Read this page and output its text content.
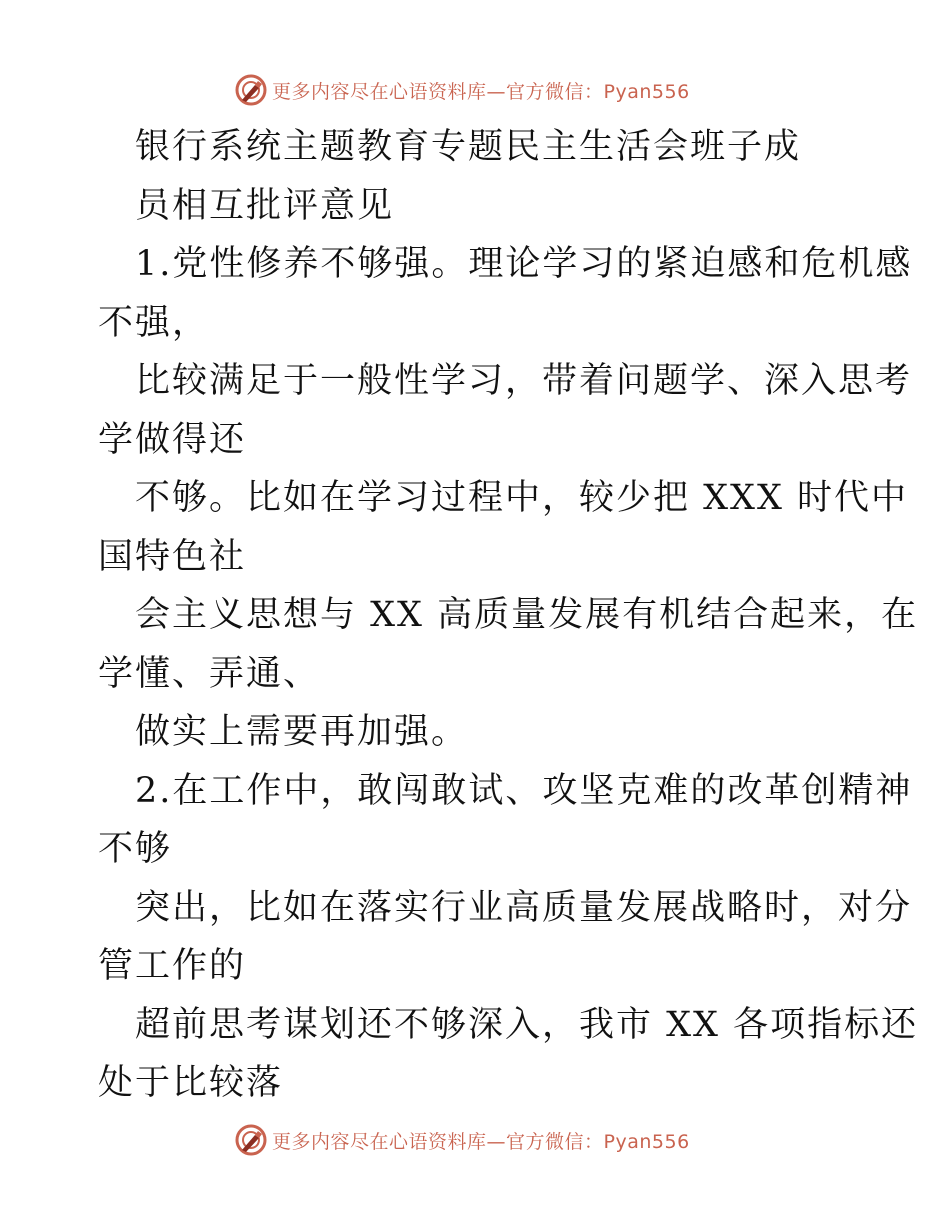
更多内容尽在心语资料库—官方微信：Pyan556
银行系统主题教育专题民主生活会班子成
员相互批评意见
1.党性修养不够强。理论学习的紧迫感和危机感
不强，
比较满足于一般性学习，带着问题学、深入思考
学做得还
不够。比如在学习过程中，较少把 XXX 时代中
国特色社
会主义思想与 XX 高质量发展有机结合起来，在
学懂、弄通、
做实上需要再加强。
2.在工作中，敢闯敢试、攻坚克难的改革创精神
不够
突出，比如在落实行业高质量发展战略时，对分
管工作的
超前思考谋划还不够深入，我市 XX 各项指标还
处于比较落
更多内容尽在心语资料库—官方微信：Pyan556
